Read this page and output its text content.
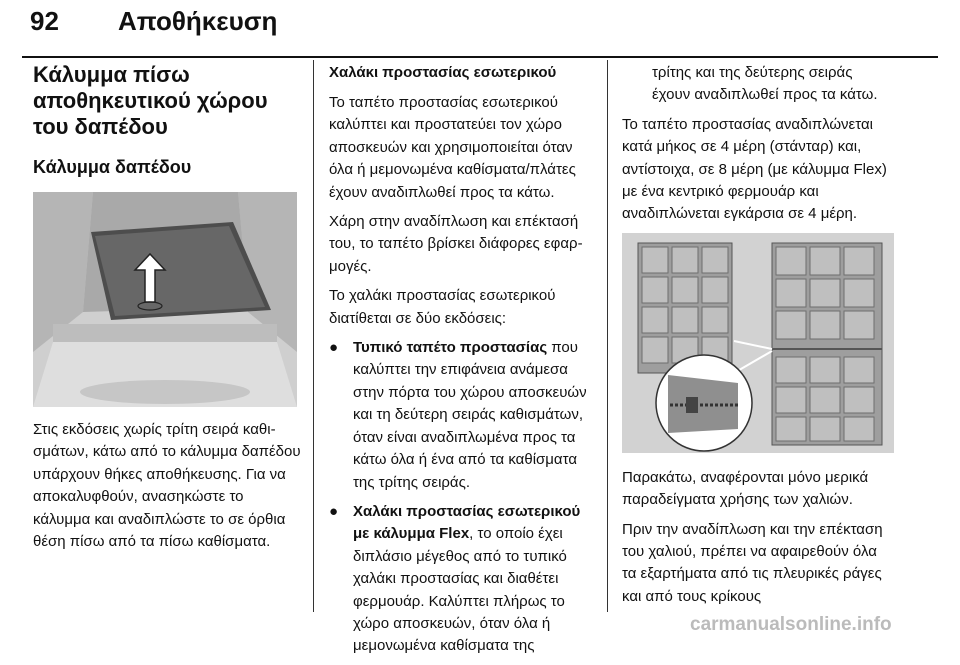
92 Αποθήκευση
Κάλυμμα πίσω αποθηκευτικού χώρου του δαπέδου
Κάλυμμα δαπέδου

Στις εκδόσεις χωρίς τρίτη σειρά καθισμάτων, κάτω από το κάλυμμα δαπέδου υπάρχουν θήκες αποθήκευσης. Για να αποκαλυφθούν, ανασηκώστε το κάλυμμα και αναδιπλώστε το σε όρθια θέση πίσω από τα πίσω καθίσματα.

Χαλάκι προστασίας εσωτερικού

Το ταπέτο προστασίας εσωτερικού καλύπτει και προστατεύει τον χώρο αποσκευών και χρησιμοποιείται όταν όλα ή μεμονωμένα καθίσματα/πλάτες έχουν αναδιπλωθεί προς τα κάτω.

Χάρη στην αναδίπλωση και επέκτασή του, το ταπέτο βρίσκει διάφορες εφαρμογές.

Το χαλάκι προστασίας εσωτερικού διατίθεται σε δύο εκδόσεις:

● Τυπικό ταπέτο προστασίας που καλύπτει την επιφάνεια ανάμεσα στην πόρτα του χώρου αποσκευών και τη δεύτερη σειράς καθισμάτων, όταν είναι αναδιπλωμένα προς τα κάτω όλα ή ένα από τα καθίσματα της τρίτης σειράς.
● Χαλάκι προστασίας εσωτερικού με κάλυμμα Flex, το οποίο έχει διπλάσιο μέγεθος από το τυπικό χαλάκι προστασίας και διαθέτει φερμουάρ. Καλύπτει πλήρως το χώρο αποσκευών, όταν όλα ή μεμονωμένα καθίσματα της

τρίτης και της δεύτερης σειράς έχουν αναδιπλωθεί προς τα κάτω.

Το ταπέτο προστασίας αναδιπλώνεται κατά μήκος σε 4 μέρη (στάνταρ) και, αντίστοιχα, σε 8 μέρη (με κάλυμμα Flex) με ένα κεντρικό φερμουάρ και αναδιπλώνεται εγκάρσια σε 4 μέρη.

Παρακάτω, αναφέρονται μόνο μερικά παραδείγματα χρήσης των χαλιών.

Πριν την αναδίπλωση και την επέκταση του χαλιού, πρέπει να αφαιρεθούν όλα τα εξαρτήματα από τις πλευρικές ράγες και από τους κρίκους

carmanualsonline.info
